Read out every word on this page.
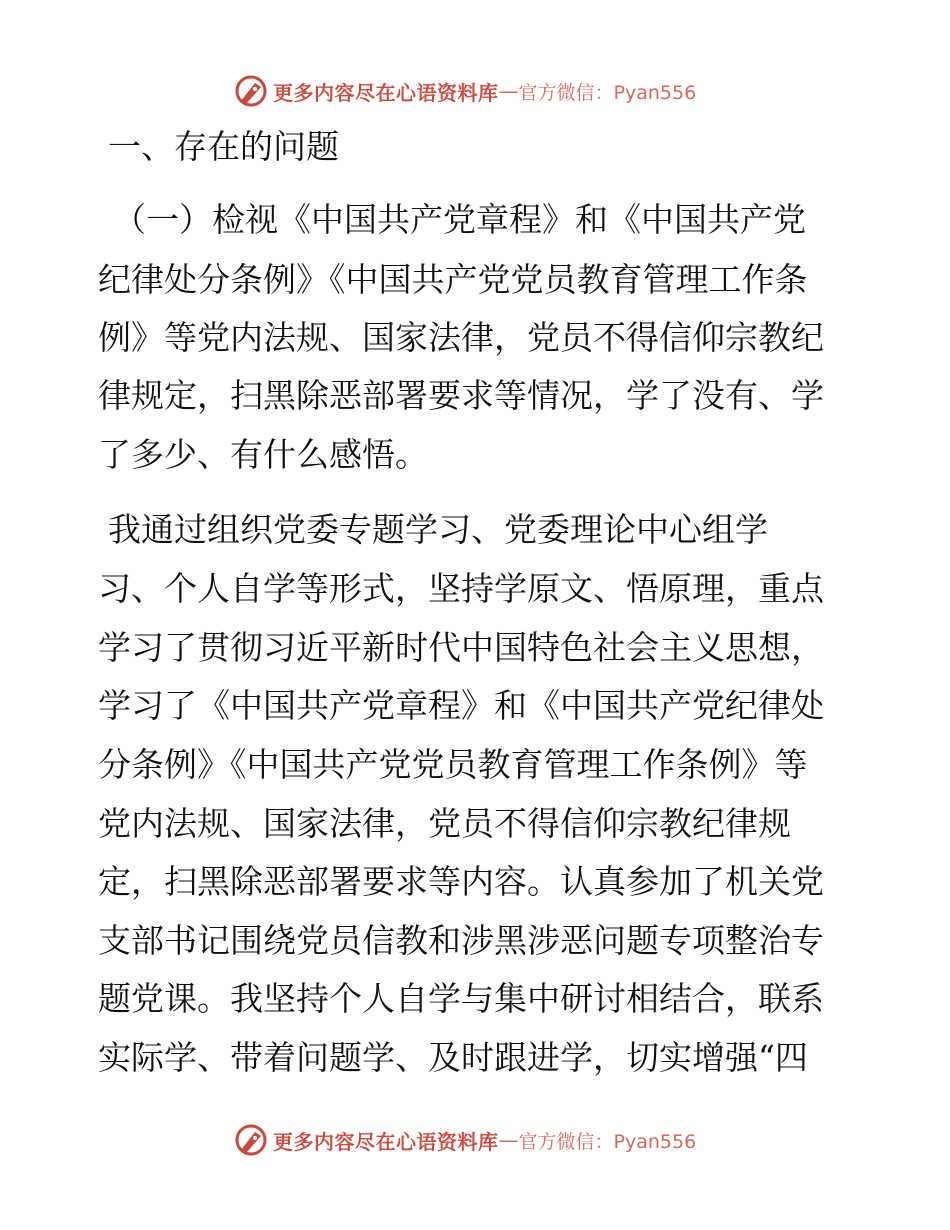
更多内容尽在心语资料库 — 官方微信：Pyan556
一、存在的问题
（一）检视《中国共产党章程》和《中国共产党
纪律处分条例》《中国共产党党员教育管理工作条
例》等党内法规、国家法律，党员不得信仰宗教纪
律规定，扫黑除恶部署要求等情况，学了没有、学
了多少、有什么感悟。
我通过组织党委专题学习、党委理论中心组学
习、个人自学等形式，坚持学原文、悟原理，重点
学习了贯彻习近平新时代中国特色社会主义思想，
学习了《中国共产党章程》和《中国共产党纪律处
分条例》《中国共产党党员教育管理工作条例》等
党内法规、国家法律，党员不得信仰宗教纪律规
定，扫黑除恶部署要求等内容。认真参加了机关党
支部书记围绕党员信教和涉黑涉恶问题专项整治专
题党课。我坚持个人自学与集中研讨相结合，联系
实际学、带着问题学、及时跟进学，切实增强“四
更多内容尽在心语资料库 — 官方微信：Pyan556
